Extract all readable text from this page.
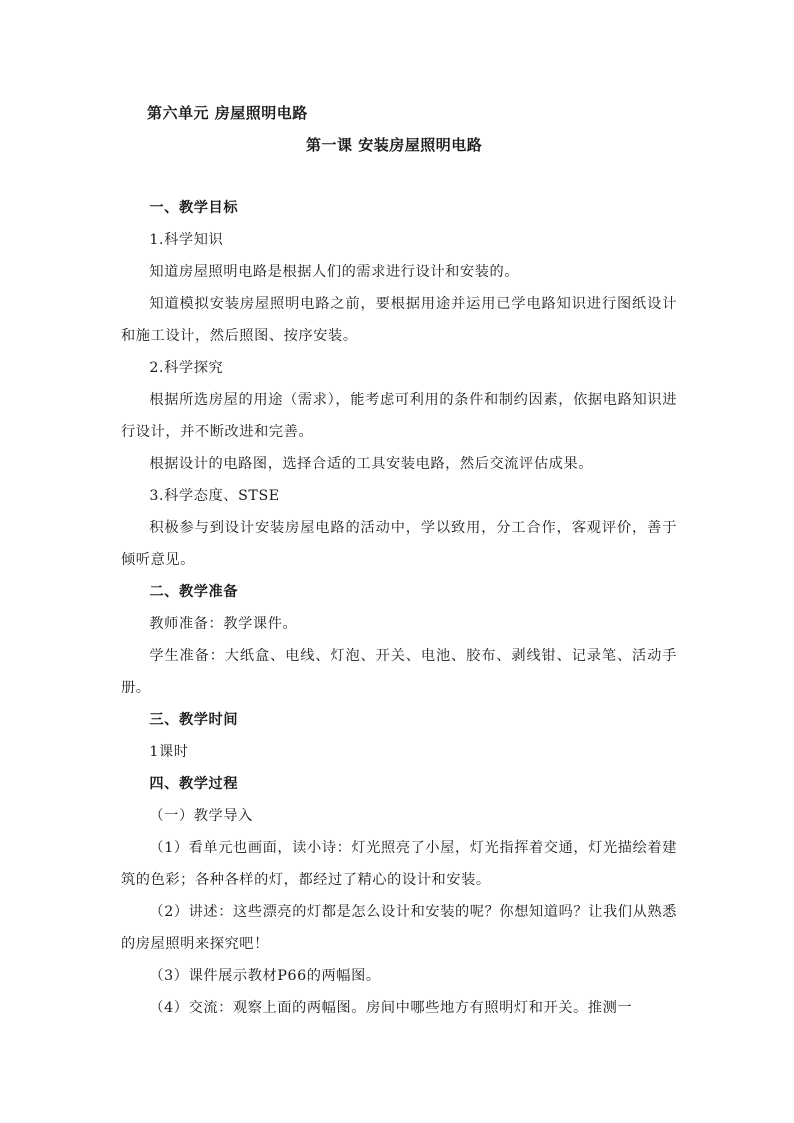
第六单元 房屋照明电路
第一课 安装房屋照明电路

一、教学目标

1.科学知识

知道房屋照明电路是根据人们的需求进行设计和安装的。

知道模拟安装房屋照明电路之前，要根据用途并运用已学电路知识进行图纸设计和施工设计，然后照图、按序安装。

2.科学探究

根据所选房屋的用途（需求），能考虑可利用的条件和制约因素，依据电路知识进行设计，并不断改进和完善。

根据设计的电路图，选择合适的工具安装电路，然后交流评估成果。

3.科学态度、STSE

积极参与到设计安装房屋电路的活动中，学以致用，分工合作，客观评价，善于倾听意见。

二、教学准备

教师准备：教学课件。

学生准备：大纸盒、电线、灯泡、开关、电池、胶布、剥线钳、记录笔、活动手册。

三、教学时间

1课时

四、教学过程

（一）教学导入

（1）看单元也画面，读小诗：灯光照亮了小屋，灯光指挥着交通，灯光描绘着建筑的色彩；各种各样的灯，都经过了精心的设计和安装。

（2）讲述：这些漂亮的灯都是怎么设计和安装的呢？你想知道吗？让我们从熟悉的房屋照明来探究吧！

（3）课件展示教材P66的两幅图。

（4）交流：观察上面的两幅图。房间中哪些地方有照明灯和开关。推测一
